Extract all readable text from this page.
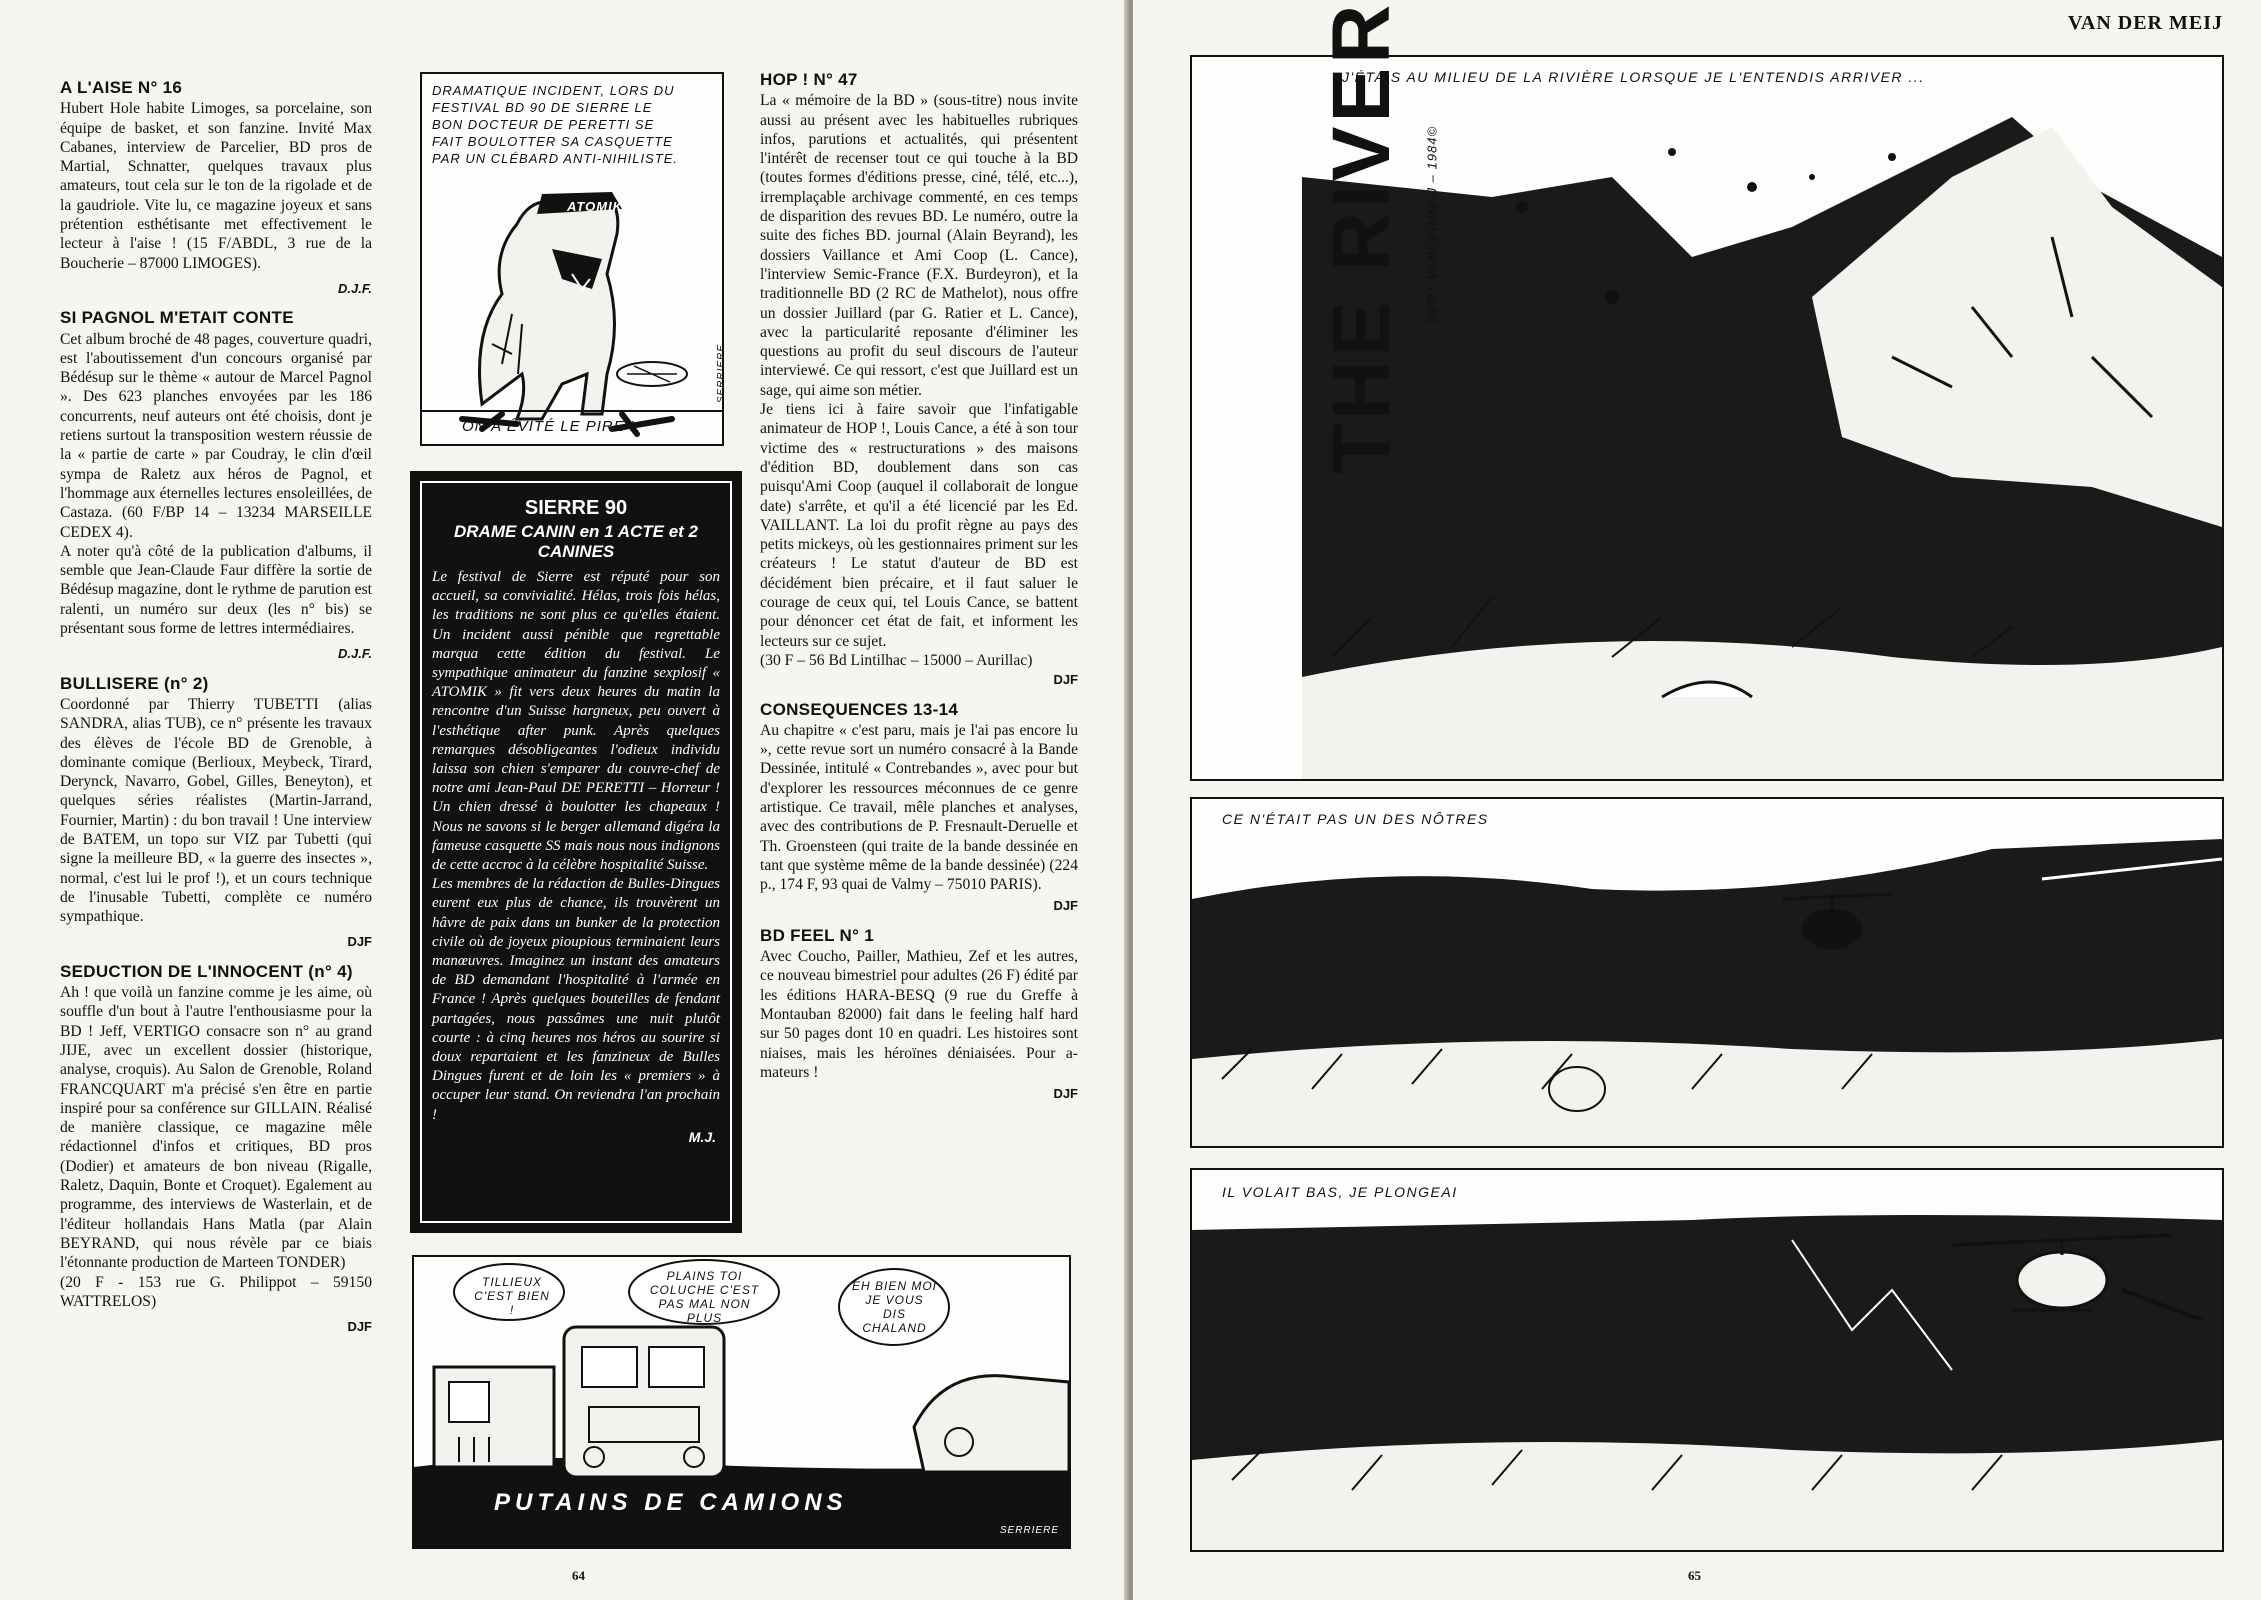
A L'AISE N° 16

Hubert Hole habite Limoges, sa porcelaine, son équipe de basket, et son fanzine. Invité Max Cabanes, interview de Parcelier, BD pros de Martial, Schnatter, quelques travaux plus amateurs, tout cela sur le ton de la rigolade et de la gaudriole. Vite lu, ce magazine joyeux et sans prétention esthétisante met effectivement le lecteur à l'aise ! (15 F/ABDL, 3 rue de la Boucherie – 87000 LIMOGES).

D.J.F.
SI PAGNOL M'ETAIT CONTE

Cet album broché de 48 pages, couverture quadri, est l'aboutissement d'un concours organisé par Bédésup sur le thème « autour de Marcel Pagnol ». Des 623 planches envoyées par les 186 concurrents, neuf auteurs ont été choisis, dont je retiens surtout la transposition western réussie de la « partie de carte » par Coudray, le clin d'œil sympa de Raletz aux héros de Pagnol, et l'hommage aux éternelles lectures ensoleillées, de Castaza. (60 F/BP 14 – 13234 MARSEILLE CEDEX 4).

A noter qu'à côté de la publication d'albums, il semble que Jean-Claude Faur diffère la sortie de Bédésup magazine, dont le rythme de parution est ralenti, un numéro sur deux (les n° bis) se présentant sous forme de lettres intermédiaires.

D.J.F.
BULLISERE (n° 2)

Coordonné par Thierry TUBETTI (alias SANDRA, alias TUB), ce n° présente les travaux des élèves de l'école BD de Grenoble, à dominante comique (Berlioux, Meybeck, Tirard, Derynck, Navarro, Gobel, Gilles, Beneyton), et quelques séries réalistes (Martin-Jarrand, Fournier, Martin) : du bon travail ! Une interview de BATEM, un topo sur VIZ par Tubetti (qui signe la meilleure BD, « la guerre des insectes », normal, c'est lui le prof !), et un cours technique de l'inusable Tubetti, complète ce numéro sympathique.

DJF
SEDUCTION DE L'INNOCENT (n° 4)

Ah ! que voilà un fanzine comme je les aime, où souffle d'un bout à l'autre l'enthousiasme pour la BD ! Jeff, VERTIGO consacre son n° au grand JIJE, avec un excellent dossier (historique, analyse, croquis). Au Salon de Grenoble, Roland FRANCQUART m'a précisé s'en être en partie inspiré pour sa conférence sur GILLAIN. Réalisé de manière classique, ce magazine mêle rédactionnel d'infos et critiques, BD pros (Dodier) et amateurs de bon niveau (Rigalle, Raletz, Daquin, Bonte et Croquet). Egalement au programme, des interviews de Wasterlain, et de l'éditeur hollandais Hans Matla (par Alain BEYRAND, qui nous révèle par ce biais l'étonnante production de Marteen TONDER)

(20 F - 153 rue G. Philippot – 59150 WATTRELOS)

DJF
DRAMATIQUE INCIDENT, LORS DU FESTIVAL BD 90 DE SIERRE LE BON DOCTEUR DE PERETTI SE FAIT BOULOTTER SA CASQUETTE PAR UN CLÉBARD ANTI-NIHILISTE.
ATOMIK
ON A ÉVITÉ LE PIRE !
SERRIERE
SIERRE 90
DRAME CANIN en 1 ACTE et 2 CANINES
Le festival de Sierre est réputé pour son accueil, sa convivialité. Hélas, trois fois hélas, les traditions ne sont plus ce qu'elles étaient. Un incident aussi pénible que regrettable marqua cette édition du festival. Le sympathique animateur du fanzine sexplosif « ATOMIK » fit vers deux heures du matin la rencontre d'un Suisse hargneux, peu ouvert à l'esthétique after punk. Après quelques remarques désobligeantes l'odieux individu laissa son chien s'emparer du couvre-chef de notre ami Jean-Paul DE PERETTI – Horreur ! Un chien dressé à boulotter les chapeaux ! Nous ne savons si le berger allemand digéra la fameuse casquette SS mais nous nous indignons de cette accroc à la célèbre hospitalité Suisse.
Les membres de la rédaction de Bulles-Dingues eurent eux plus de chance, ils trouvèrent un hâvre de paix dans un bunker de la protection civile où de joyeux pioupious terminaient leurs manœuvres. Imaginez un instant des amateurs de BD demandant l'hospitalité à l'armée en France ! Après quelques bouteilles de fendant partagées, nous passâmes une nuit plutôt courte : à cinq heures nos héros au sourire si doux repartaient et les fanzineux de Bulles Dingues furent et de loin les « premiers » à occuper leur stand. On reviendra l'an prochain !
M.J.
HOP ! N° 47

La « mémoire de la BD » (sous-titre) nous invite aussi au présent avec les habituelles rubriques infos, parutions et actualités, qui présentent l'intérêt de recenser tout ce qui touche à la BD (toutes formes d'éditions presse, ciné, télé, etc...), irremplaçable archivage commenté, en ces temps de disparition des revues BD. Le numéro, outre la suite des fiches BD. journal (Alain Beyrand), les dossiers Vaillance et Ami Coop (L. Cance), l'interview Semic-France (F.X. Burdeyron), et la traditionnelle BD (2 RC de Mathelot), nous offre un dossier Juillard (par G. Ratier et L. Cance), avec la particularité reposante d'éliminer les questions au profit du seul discours de l'auteur interviewé. Ce qui ressort, c'est que Juillard est un sage, qui aime son métier.

Je tiens ici à faire savoir que l'infatigable animateur de HOP !, Louis Cance, a été à son tour victime des « restructurations » des maisons d'édition BD, doublement dans son cas puisqu'Ami Coop (auquel il collaborait de longue date) s'arrête, et qu'il a été licencié par les Ed. VAILLANT. La loi du profit règne au pays des petits mickeys, où les gestionnaires priment sur les créateurs ! Le statut d'auteur de BD est décidément bien précaire, et il faut saluer le courage de ceux qui, tel Louis Cance, se battent pour dénoncer cet état de fait, et informent les lecteurs sur ce sujet.

(30 F – 56 Bd Lintilhac – 15000 – Aurillac)

DJF
CONSEQUENCES 13-14

Au chapitre « c'est paru, mais je l'ai pas encore lu », cette revue sort un numéro consacré à la Bande Dessinée, intitulé « Contrebandes », avec pour but d'explorer les ressources méconnues de ce genre artistique. Ce travail, mêle planches et analyses, avec des contributions de P. Fresnault-Deruelle et Th. Groensteen (qui traite de la bande dessinée en tant que système même de la bande dessinée) (224 p., 174 F, 93 quai de Valmy – 75010 PARIS).

DJF
BD FEEL N° 1

Avec Coucho, Pailler, Mathieu, Zef et les autres, ce nouveau bimestriel pour adultes (26 F) édité par les éditions HARA-BESQ (9 rue du Greffe à Montauban 82000) fait dans le feeling half hard sur 50 pages dont 10 en quadri. Les histoires sont niaises, mais les héroïnes déniaisées. Pour a-mateurs !

DJF
TILLIEUX C'EST BIEN !
PLAINS TOI COLUCHE C'EST PAS MAL NON PLUS
EH BIEN MOI JE VOUS DIS CHALAND
PUTAINS DE CAMIONS
SERRIERE
64
VAN DER MEIJ
THE RIVER BERT VANDERMEIJ – 1984©
J'ÉTAIS AU MILIEU DE LA RIVIÈRE LORSQUE JE L'ENTENDIS ARRIVER ...
CE N'ÉTAIT PAS UN DES NÔTRES
IL VOLAIT BAS, JE PLONGEAI
65
